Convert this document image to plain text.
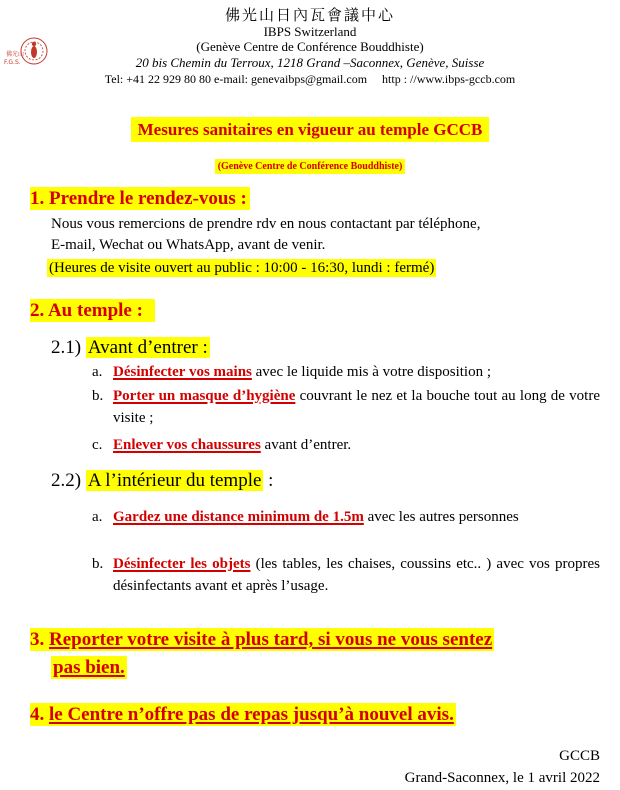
佛光山
F.G.S.
佛光山日內瓦會議中心
IBPS Switzerland
(Genève Centre de Conférence Bouddhiste)
20 bis Chemin du Terroux, 1218 Grand –Saconnex, Genève, Suisse
Tel: +41 22 929 80 80 e-mail: genevaibps@gmail.com     http : //www.ibps-gccb.com
Mesures sanitaires en vigueur au temple GCCB
(Genève Centre de Conférence Bouddhiste)
1. Prendre le rendez-vous :
Nous vous remercions de prendre rdv en nous contactant par téléphone,
E-mail, Wechat ou WhatsApp, avant de venir.
(Heures de visite ouvert au public : 10:00 - 16:30, lundi : fermé)
2. Au temple :
2.1) Avant d’entrer :
a. Désinfecter vos mains avec le liquide mis à votre disposition ;
b. Porter un masque d’hygiène couvrant le nez et la bouche tout au long de votre visite ;
c. Enlever vos chaussures avant d’entrer.
2.2) A l’intérieur du temple :
a. Gardez une distance minimum de 1.5m avec les autres personnes
b. Désinfecter les objets (les tables, les chaises, coussins etc.. ) avec vos propres désinfectants avant et après l’usage.
3. Reporter votre visite à plus tard, si vous ne vous sentez
pas bien.
4. le Centre n’offre pas de repas jusqu’à nouvel avis.
GCCB
Grand-Saconnex, le 1 avril 2022
